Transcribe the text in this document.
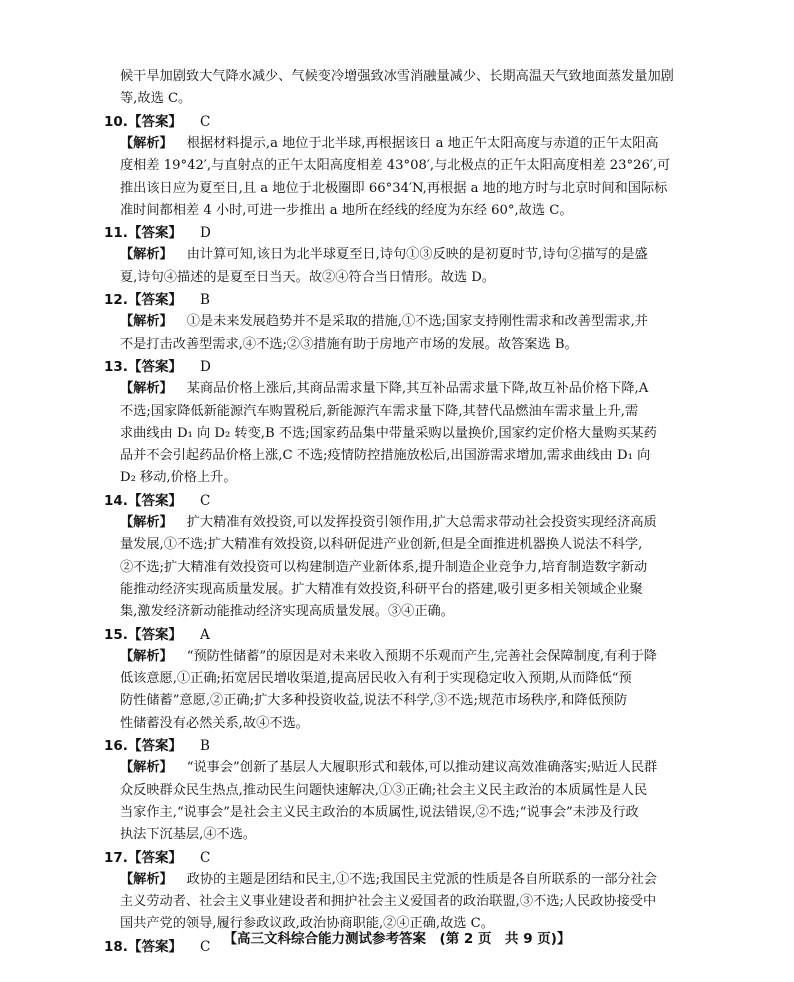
候干旱加剧致大气降水减少、气候变冷增强致冰雪消融量减少、长期高温天气致地面蒸发量加剧
等,故选 C。
10.【答案】 C
【解析】 根据材料提示,a 地位于北半球,再根据该日 a 地正午太阳高度与赤道的正午太阳高
度相差 19°42′,与直射点的正午太阳高度相差 43°08′,与北极点的正午太阳高度相差 23°26′,可
推出该日应为夏至日,且 a 地位于北极圈即 66°34′N,再根据 a 地的地方时与北京时间和国际标
准时间都相差 4 小时,可进一步推出 a 地所在经线的经度为东经 60°,故选 C。
11.【答案】 D
【解析】 由计算可知,该日为北半球夏至日,诗句①③反映的是初夏时节,诗句②描写的是盛
夏,诗句④描述的是夏至日当天。故②④符合当日情形。故选 D。
12.【答案】 B
【解析】 ①是未来发展趋势并不是采取的措施,①不选;国家支持刚性需求和改善型需求,并
不是打击改善型需求,④不选;②③措施有助于房地产市场的发展。故答案选 B。
13.【答案】 D
【解析】 某商品价格上涨后,其商品需求量下降,其互补品需求量下降,故互补品价格下降,A
不选;国家降低新能源汽车购置税后,新能源汽车需求量下降,其替代品燃油车需求量上升,需
求曲线由 D₁ 向 D₂ 转变,B 不选;国家药品集中带量采购以量换价,国家约定价格大量购买某药
品并不会引起药品价格上涨,C 不选;疫情防控措施放松后,出国游需求增加,需求曲线由 D₁ 向
D₂ 移动,价格上升。
14.【答案】 C
【解析】 扩大精准有效投资,可以发挥投资引领作用,扩大总需求带动社会投资实现经济高质
量发展,①不选;扩大精准有效投资,以科研促进产业创新,但是全面推进机器换人说法不科学,
②不选;扩大精准有效投资可以构建制造产业新体系,提升制造企业竞争力,培育制造数字新动
能推动经济实现高质量发展。扩大精准有效投资,科研平台的搭建,吸引更多相关领域企业聚
集,激发经济新动能推动经济实现高质量发展。③④正确。
15.【答案】 A
【解析】 “预防性储蓄”的原因是对未来收入预期不乐观而产生,完善社会保障制度,有利于降
低该意愿,①正确;拓宽居民增收渠道,提高居民收入有利于实现稳定收入预期,从而降低“预
防性储蓄”意愿,②正确;扩大多种投资收益,说法不科学,③不选;规范市场秩序,和降低预防
性储蓄没有必然关系,故④不选。
16.【答案】 B
【解析】 “说事会”创新了基层人大履职形式和载体,可以推动建议高效准确落实;贴近人民群
众反映群众民生热点,推动民生问题快速解决,①③正确;社会主义民主政治的本质属性是人民
当家作主,“说事会”是社会主义民主政治的本质属性,说法错误,②不选;“说事会”未涉及行政
执法下沉基层,④不选。
17.【答案】 C
【解析】 政协的主题是团结和民主,①不选;我国民主党派的性质是各自所联系的一部分社会
主义劳动者、社会主义事业建设者和拥护社会主义爱国者的政治联盟,③不选;人民政协接受中
国共产党的领导,履行参政议政,政治协商职能,②④正确,故选 C。
18.【答案】 C 【高三文科综合能力测试参考答案　(第 2 页　共 9 页)】
